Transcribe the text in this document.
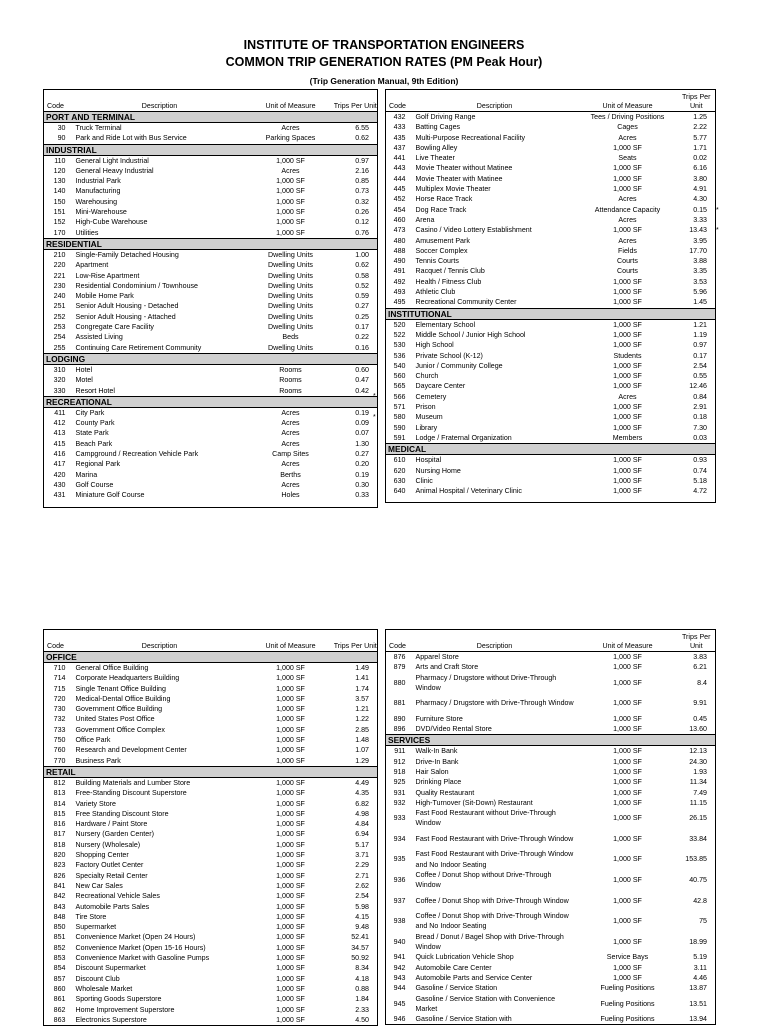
INSTITUTE OF TRANSPORTATION ENGINEERS
COMMON TRIP GENERATION RATES (PM Peak Hour)
(Trip Generation Manual, 9th Edition)
Code	Description	Unit of Measure	Trips Per Unit
PORT AND TERMINAL			
30	Truck Terminal	Acres	6.55
90	Park and Ride Lot with Bus Service	Parking Spaces	0.62
INDUSTRIAL			
110	General Light Industrial	1,000 SF	0.97
120	General Heavy Industrial	Acres	2.16
130	Industrial Park	1,000 SF	0.85
140	Manufacturing	1,000 SF	0.73
150	Warehousing	1,000 SF	0.32
151	Mini-Warehouse	1,000 SF	0.26
152	High-Cube Warehouse	1,000 SF	0.12
170	Utilities	1,000 SF	0.76
RESIDENTIAL			
210	Single-Family Detached Housing	Dwelling Units	1.00
220	Apartment	Dwelling Units	0.62
221	Low-Rise Apartment	Dwelling Units	0.58
230	Residential Condominium / Townhouse	Dwelling Units	0.52
240	Mobile Home Park	Dwelling Units	0.59
251	Senior Adult Housing - Detached	Dwelling Units	0.27
252	Senior Adult Housing - Attached	Dwelling Units	0.25
253	Congregate Care Facility	Dwelling Units	0.17
254	Assisted Living	Beds	0.22
255	Continuing Care Retirement Community	Dwelling Units	0.16
LODGING			
310	Hotel	Rooms	0.60
320	Motel	Rooms	0.47
330	Resort Hotel	Rooms	0.42
RECREATIONAL			
411	City Park	Acres	0.19
412	County Park	Acres	0.09
413	State Park	Acres	0.07
415	Beach Park	Acres	1.30
416	Campground / Recreation Vehicle Park	Camp Sites	0.27
417	Regional Park	Acres	0.20
420	Marina	Berths	0.19
430	Golf Course	Acres	0.30
431	Miniature Golf Course	Holes	0.33

Code	Description	Unit of Measure	Trips Per Unit
432	Golf Driving Range	Tees / Driving Positions	1.25
433	Batting Cages	Cages	2.22
435	Multi-Purpose Recreational Facility	Acres	5.77
437	Bowling Alley	1,000 SF	1.71
441	Live Theater	Seats	0.02
443	Movie Theater without Matinee	1,000 SF	6.16
444	Movie Theater with Matinee	1,000 SF	3.80
445	Multiplex Movie Theater	1,000 SF	4.91
452	Horse Race Track	Acres	4.30
454	Dog Race Track	Attendance Capacity	0.15
460	Arena	Acres	3.33
473	Casino / Video Lottery Establishment	1,000 SF	13.43
480	Amusement Park	Acres	3.95
488	Soccer Complex	Fields	17.70
490	Tennis Courts	Courts	3.88
491	Racquet / Tennis Club	Courts	3.35
492	Health / Fitness Club	1,000 SF	3.53
493	Athletic Club	1,000 SF	5.96
495	Recreational Community Center	1,000 SF	1.45
INSTITUTIONAL			
520	Elementary School	1,000 SF	1.21
522	Middle School / Junior High School	1,000 SF	1.19
530	High School	1,000 SF	0.97
536	Private School (K-12)	Students	0.17
540	Junior / Community College	1,000 SF	2.54
560	Church	1,000 SF	0.55
565	Daycare Center	1,000 SF	12.46
566	Cemetery	Acres	0.84
571	Prison	1,000 SF	2.91
580	Museum	1,000 SF	0.18
590	Library	1,000 SF	7.30
591	Lodge / Fraternal Organization	Members	0.03
MEDICAL			
610	Hospital	1,000 SF	0.93
620	Nursing Home	1,000 SF	0.74
630	Clinic	1,000 SF	5.18
640	Animal Hospital / Veterinary Clinic	1,000 SF	4.72

Code	Description	Unit of Measure	Trips Per Unit
OFFICE			
710	General Office Building	1,000 SF	1.49
714	Corporate Headquarters Building	1,000 SF	1.41
715	Single Tenant Office Building	1,000 SF	1.74
720	Medical-Dental Office Building	1,000 SF	3.57
730	Government Office Building	1,000 SF	1.21
732	United States Post Office	1,000 SF	1.22
733	Government Office Complex	1,000 SF	2.85
750	Office Park	1,000 SF	1.48
760	Research and Development Center	1,000 SF	1.07
770	Business Park	1,000 SF	1.29
RETAIL			
812	Building Materials and Lumber Store	1,000 SF	4.49
813	Free-Standing Discount Superstore	1,000 SF	4.35
814	Variety Store	1,000 SF	6.82
815	Free Standing Discount Store	1,000 SF	4.98
816	Hardware / Paint Store	1,000 SF	4.84
817	Nursery (Garden Center)	1,000 SF	6.94
818	Nursery (Wholesale)	1,000 SF	5.17
820	Shopping Center	1,000 SF	3.71
823	Factory Outlet Center	1,000 SF	2.29
826	Specialty Retail Center	1,000 SF	2.71
841	New Car Sales	1,000 SF	2.62
842	Recreational Vehicle Sales	1,000 SF	2.54
843	Automobile Parts Sales	1,000 SF	5.98
848	Tire Store	1,000 SF	4.15
850	Supermarket	1,000 SF	9.48
851	Convenience Market (Open 24 Hours)	1,000 SF	52.41
852	Convenience Market (Open 15-16 Hours)	1,000 SF	34.57
853	Convenience Market with Gasoline Pumps	1,000 SF	50.92
854	Discount Supermarket	1,000 SF	8.34
857	Discount Club	1,000 SF	4.18
860	Wholesale Market	1,000 SF	0.88
861	Sporting Goods Superstore	1,000 SF	1.84
862	Home Improvement Superstore	1,000 SF	2.33
863	Electronics Superstore	1,000 SF	4.50
Code	Description	Unit of Measure	Trips Per Unit
876	Apparel Store	1,000 SF	3.83
879	Arts and Craft Store	1,000 SF	6.21
880	Pharmacy / Drugstore without Drive-Through Window	1,000 SF	8.4
881	Pharmacy / Drugstore with Drive-Through Window	1,000 SF	9.91
890	Furniture Store	1,000 SF	0.45
896	DVD/Video Rental Store	1,000 SF	13.60
SERVICES			
911	Walk-In Bank	1,000 SF	12.13
912	Drive-In Bank	1,000 SF	24.30
918	Hair Salon	1,000 SF	1.93
925	Drinking Place	1,000 SF	11.34
931	Quality Restaurant	1,000 SF	7.49
932	High-Turnover (Sit-Down) Restaurant	1,000 SF	11.15
933	Fast Food Restaurant without Drive-Through Window	1,000 SF	26.15
934	Fast Food Restaurant with Drive-Through Window	1,000 SF	33.84
935	Fast Food Restaurant with Drive-Through Window and No Indoor Seating	1,000 SF	153.85
936	Coffee / Donut Shop without Drive-Through Window	1,000 SF	40.75
937	Coffee / Donut Shop with Drive-Through Window	1,000 SF	42.8
938	Coffee / Donut Shop with Drive-Through Window and No Indoor Seating	1,000 SF	75
940	Bread / Donut / Bagel Shop with Drive-Through Window	1,000 SF	18.99
941	Quick Lubrication Vehicle Shop	Service Bays	5.19
942	Automobile Care Center	1,000 SF	3.11
943	Automobile Parts and Service Center	1,000 SF	4.46
944	Gasoline / Service Station	Fueling Positions	13.87
945	Gasoline / Service Station with Convenience Market	Fueling Positions	13.51
946	Gasoline / Service Station with	Fueling Positions	13.94
*
*
*
*
